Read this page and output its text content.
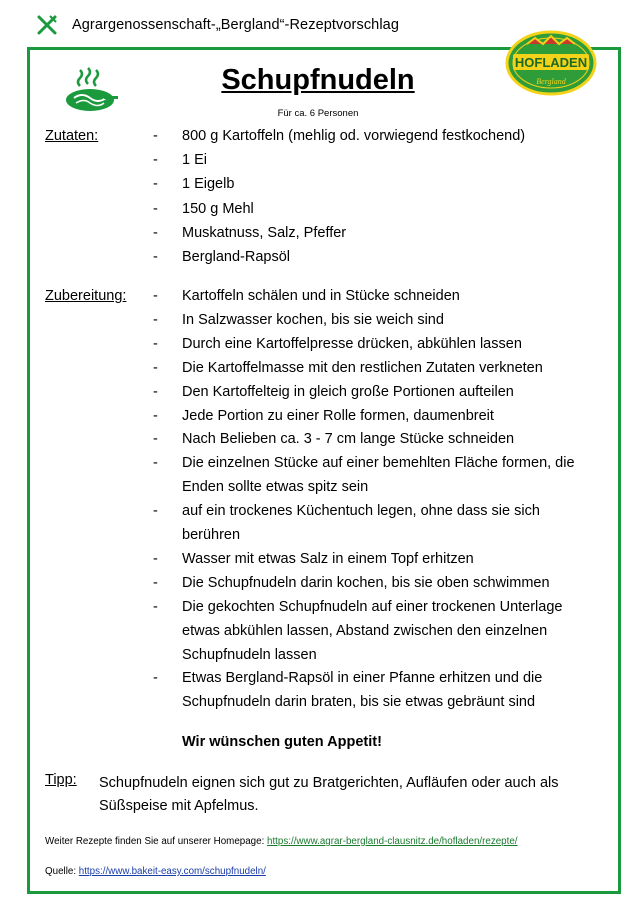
Agrargenossenschaft-„Bergland“-Rezeptvorschlag
HOFLADEN
Bergland
Schupfnudeln
Für ca. 6 Personen
Zutaten:	-	800 g Kartoffeln (mehlig od. vorwiegend festkochend)
-	1 Ei
-	1 Eigelb
-	150 g Mehl
-	Muskatnuss, Salz, Pfeffer
-	Bergland-Rapsöl
Zubereitung: -	Kartoffeln schälen und in Stücke schneiden
-	In Salzwasser kochen, bis sie weich sind
-	Durch eine Kartoffelpresse drücken, abkühlen lassen
-	Die Kartoffelmasse mit den restlichen Zutaten verkneten
-	Den Kartoffelteig in gleich große Portionen aufteilen
-	Jede Portion zu einer Rolle formen, daumenbreit
-	Nach Belieben ca. 3 - 7 cm lange Stücke schneiden
-	Die einzelnen Stücke auf einer bemehlten Fläche formen, die
Enden sollte etwas spitz sein
-	auf ein trockenes Küchentuch legen, ohne dass sie sich
berühren
-	Wasser mit etwas Salz in einem Topf erhitzen
-	Die Schupfnudeln darin kochen, bis sie oben schwimmen
-	Die gekochten Schupfnudeln auf einer trockenen Unterlage
etwas abkühlen lassen, Abstand zwischen den einzelnen
Schupfnudeln lassen
-	Etwas Bergland-Rapsöl in einer Pfanne erhitzen und die
Schupfnudeln darin braten, bis sie etwas gebräunt sind
Wir wünschen guten Appetit!
Tipp: Schupfnudeln eignen sich gut zu Bratgerichten, Aufläufen oder auch als Süßspeise mit Apfelmus.
Weiter Rezepte finden Sie auf unserer Homepage: https://www.agrar-bergland-clausnitz.de/hofladen/rezepte/
Quelle: https://www.bakeit-easy.com/schupfnudeln/
